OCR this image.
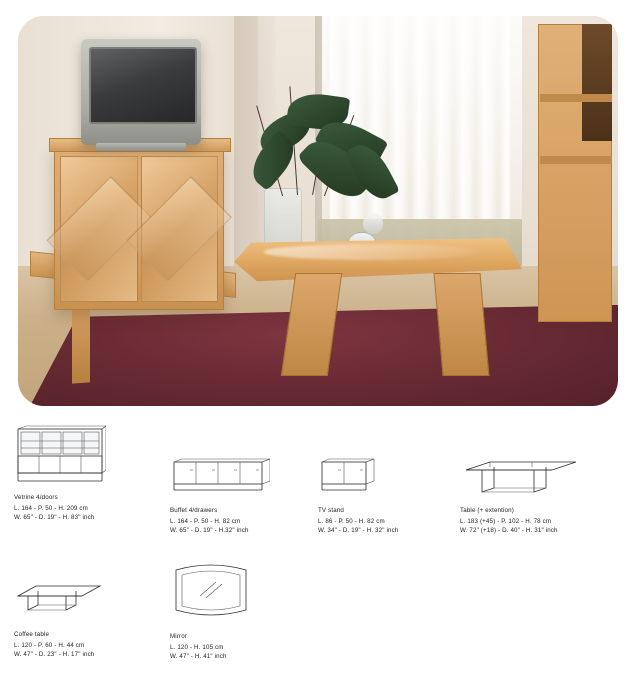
Vetrine 4/doors
L. 164 - P. 50 - H. 209 cm
W. 65" - D. 19" - H. 83" inch
Buffet 4/drawers
L. 164 - P. 50 - H. 82 cm
W. 65" - D. 19" - H.32" inch
TV stand
L. 86 - P. 50 - H. 82 cm
W. 34" - D. 19" - H. 32" inch
Table (+ extention)
L. 183 (+45) - P. 102 - H. 78 cm
W. 72" (+18) - D. 40" - H. 31" inch
Coffee table
L. 120 - P. 60 - H. 44 cm
W. 47" - D. 23" - H. 17" inch
Mirror
L. 120 - H. 105 cm
W. 47" - H. 41" inch
